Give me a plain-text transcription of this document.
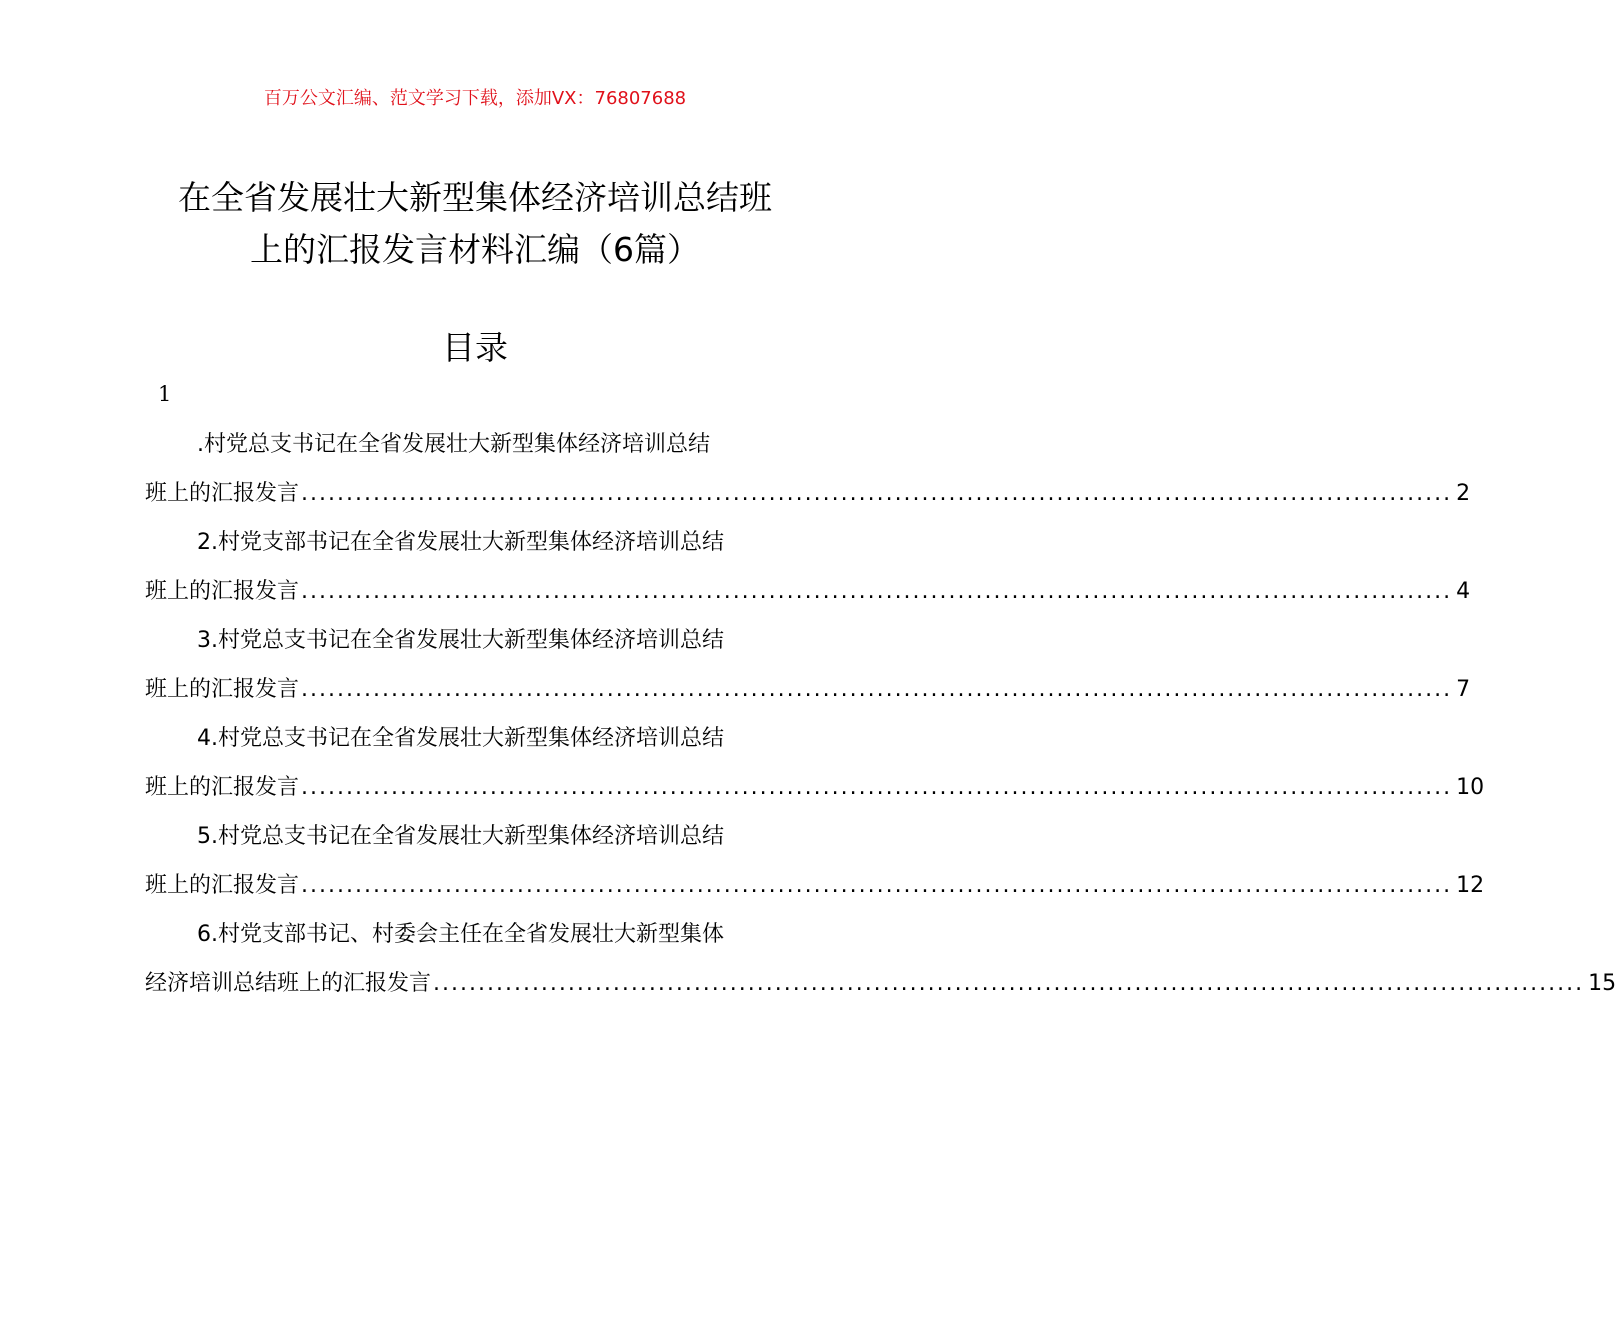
百万公文汇编、范文学习下载，添加VX：76807688
在全省发展壮大新型集体经济培训总结班
上的汇报发言材料汇编（6篇）
目录
1
.村党总支书记在全省发展壮大新型集体经济培训总结
班上的汇报发言 ................................................................................................................................ 2
2.村党支部书记在全省发展壮大新型集体经济培训总结
班上的汇报发言 ................................................................................................................................ 4
3.村党总支书记在全省发展壮大新型集体经济培训总结
班上的汇报发言 ................................................................................................................................ 7
4.村党总支书记在全省发展壮大新型集体经济培训总结
班上的汇报发言 ................................................................................................................................ 10
5.村党总支书记在全省发展壮大新型集体经济培训总结
班上的汇报发言 ................................................................................................................................ 12
6.村党支部书记、村委会主任在全省发展壮大新型集体
经济培训总结班上的汇报发言 ................................................................................................................................ 15
